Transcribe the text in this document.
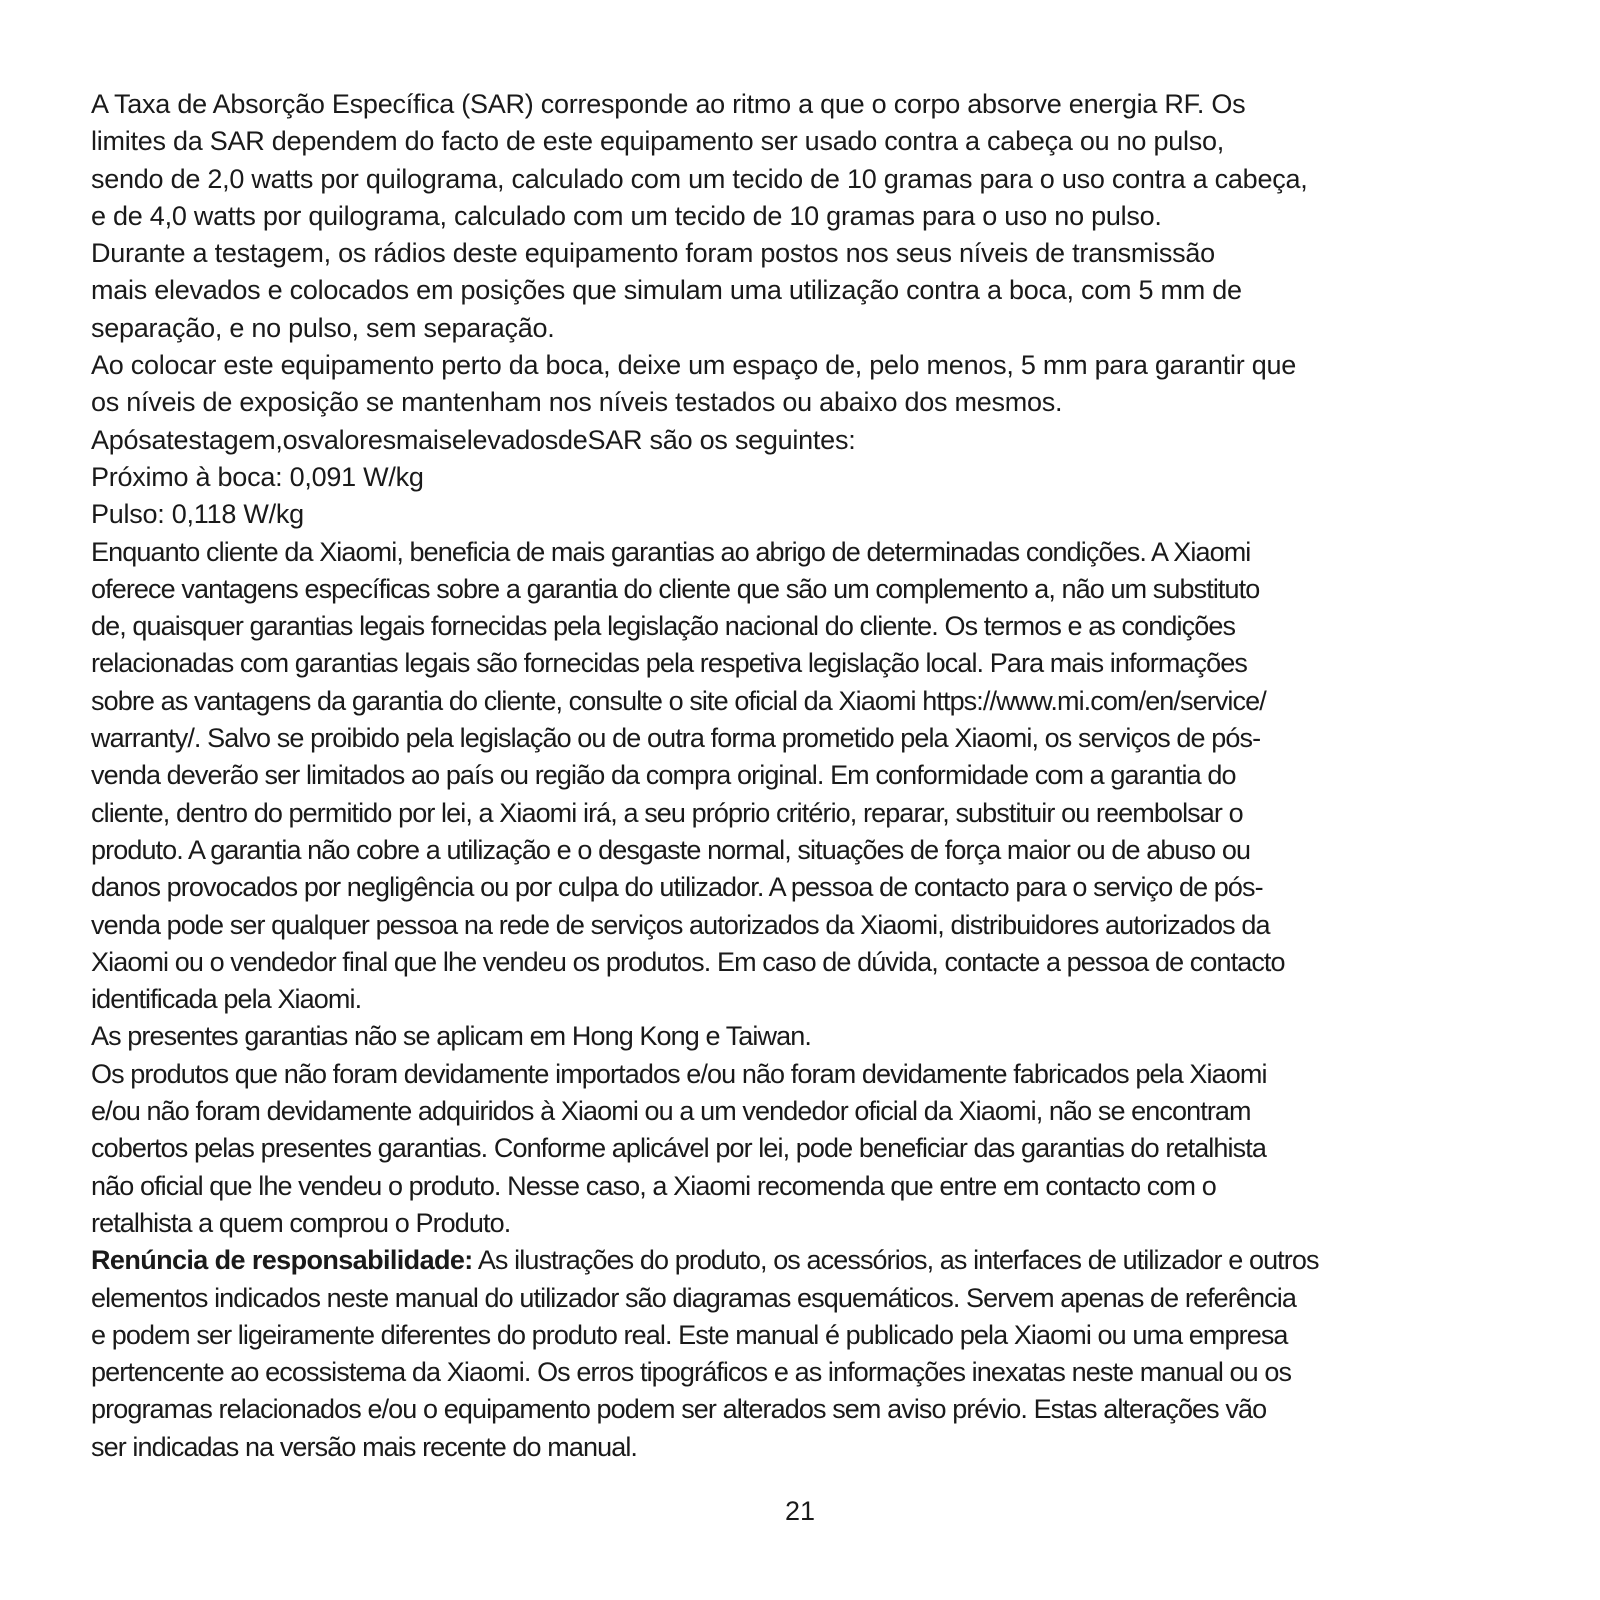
A Taxa de Absorção Específica (SAR) corresponde ao ritmo a que o corpo absorve energia RF. Os
limites da SAR dependem do facto de este equipamento ser usado contra a cabeça ou no pulso,
sendo de 2,0 watts por quilograma, calculado com um tecido de 10 gramas para o uso contra a cabeça,
e de 4,0 watts por quilograma, calculado com um tecido de 10 gramas para o uso no pulso.

Durante a testagem, os rádios deste equipamento foram postos nos seus níveis de transmissão
mais elevados e colocados em posições que simulam uma utilização contra a boca, com 5 mm de
separação, e no pulso, sem separação.

Ao colocar este equipamento perto da boca, deixe um espaço de, pelo menos, 5 mm para garantir que
os níveis de exposição se mantenham nos níveis testados ou abaixo dos mesmos.

Apósatestagem,osvaloresmaiselevadosdeSAR são os seguintes:

Próximo à boca: 0,091 W/kg

Pulso: 0,118 W/kg

Enquanto cliente da Xiaomi, beneficia de mais garantias ao abrigo de determinadas condições. A Xiaomi
oferece vantagens específicas sobre a garantia do cliente que são um complemento a, não um substituto
de, quaisquer garantias legais fornecidas pela legislação nacional do cliente. Os termos e as condições
relacionadas com garantias legais são fornecidas pela respetiva legislação local. Para mais informações
sobre as vantagens da garantia do cliente, consulte o site oficial da Xiaomi https://www.mi.com/en/service/
warranty/. Salvo se proibido pela legislação ou de outra forma prometido pela Xiaomi, os serviços de pós-
venda deverão ser limitados ao país ou região da compra original. Em conformidade com a garantia do
cliente, dentro do permitido por lei, a Xiaomi irá, a seu próprio critério, reparar, substituir ou reembolsar o
produto. A garantia não cobre a utilização e o desgaste normal, situações de força maior ou de abuso ou
danos provocados por negligência ou por culpa do utilizador. A pessoa de contacto para o serviço de pós-
venda pode ser qualquer pessoa na rede de serviços autorizados da Xiaomi, distribuidores autorizados da
Xiaomi ou o vendedor final que lhe vendeu os produtos. Em caso de dúvida, contacte a pessoa de contacto
identificada pela Xiaomi.

As presentes garantias não se aplicam em Hong Kong e Taiwan.

Os produtos que não foram devidamente importados e/ou não foram devidamente fabricados pela Xiaomi
e/ou não foram devidamente adquiridos à Xiaomi ou a um vendedor oficial da Xiaomi, não se encontram
cobertos pelas presentes garantias. Conforme aplicável por lei, pode beneficiar das garantias do retalhista
não oficial que lhe vendeu o produto. Nesse caso, a Xiaomi recomenda que entre em contacto com o
retalhista a quem comprou o Produto.

Renúncia de responsabilidade: As ilustrações do produto, os acessórios, as interfaces de utilizador e outros
elementos indicados neste manual do utilizador são diagramas esquemáticos. Servem apenas de referência
e podem ser ligeiramente diferentes do produto real. Este manual é publicado pela Xiaomi ou uma empresa
pertencente ao ecossistema da Xiaomi. Os erros tipográficos e as informações inexatas neste manual ou os
programas relacionados e/ou o equipamento podem ser alterados sem aviso prévio. Estas alterações vão
ser indicadas na versão mais recente do manual.

21
